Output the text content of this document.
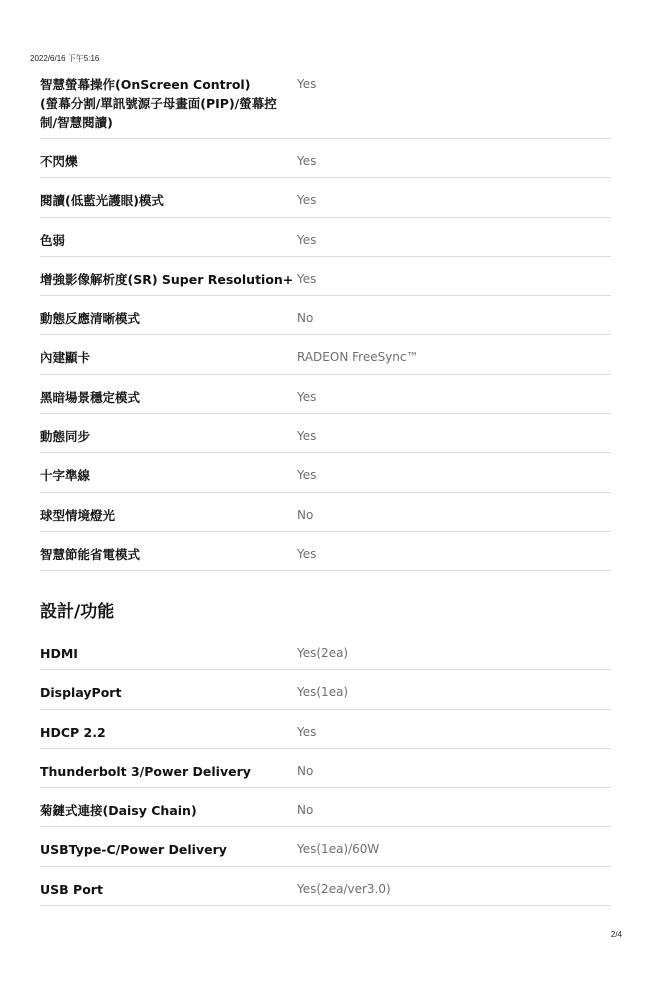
2022/6/16 下午5:16
智慧螢幕操作(OnScreen Control)
(螢幕分割/單訊號源子母畫面(PIP)/螢幕控
制/智慧閱讀)
Yes
不閃爍	Yes
閱讀(低藍光護眼)模式	Yes
色弱	Yes
增強影像解析度(SR) Super Resolution+ Yes
動態反應清晰模式	No
內建顯卡	RADEON FreeSync™
黑暗場景穩定模式	Yes
動態同步	Yes
十字準線	Yes
球型情境燈光	No
智慧節能省電模式	Yes
設計/功能
HDMI	Yes(2ea)
DisplayPort	Yes(1ea)
HDCP 2.2	Yes
Thunderbolt 3/Power Delivery	No
菊鏈式連接(Daisy Chain)	No
USBType-C/Power Delivery	Yes(1ea)/60W
USB Port	Yes(2ea/ver3.0)
2/4
